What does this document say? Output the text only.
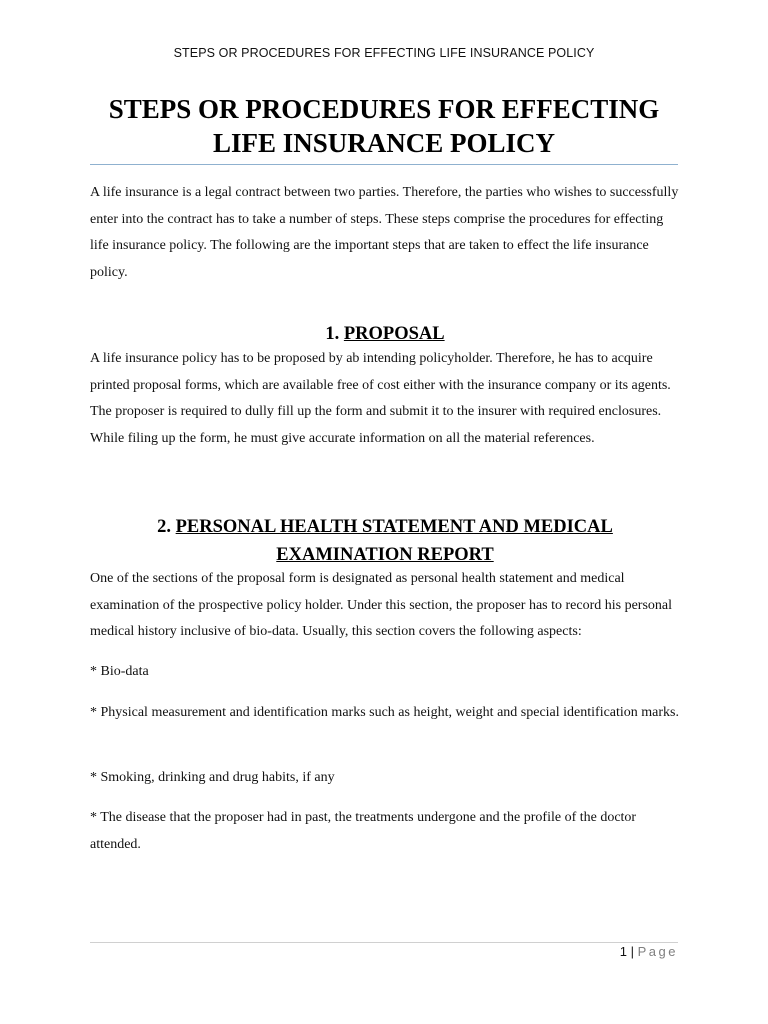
STEPS OR PROCEDURES FOR EFFECTING LIFE INSURANCE POLICY
STEPS OR PROCEDURES FOR EFFECTING
LIFE INSURANCE POLICY
A life insurance is a legal contract between two parties. Therefore, the parties who wishes to successfully enter into the contract has to take a number of steps. These steps comprise the procedures for effecting life insurance policy. The following are the important steps that are taken to effect the life insurance policy.
1. PROPOSAL
A life insurance policy has to be proposed by ab intending policyholder. Therefore, he has to acquire printed proposal forms, which are available free of cost either with the insurance company or its agents. The proposer is required to dully fill up the form and submit it to the insurer with required enclosures. While filing up the form, he must give accurate information on all the material references.
2. PERSONAL HEALTH STATEMENT AND MEDICAL
EXAMINATION REPORT
One of the sections of the proposal form is designated as personal health statement and medical examination of the prospective policy holder. Under this section, the proposer has to record his personal medical history inclusive of bio-data. Usually, this section covers the following aspects:
* Bio-data
* Physical measurement and identification marks such as height, weight and special identification marks.
* Smoking, drinking and drug habits, if any
* The disease that the proposer had in past, the treatments undergone and the profile of the doctor attended.
1 | Page
